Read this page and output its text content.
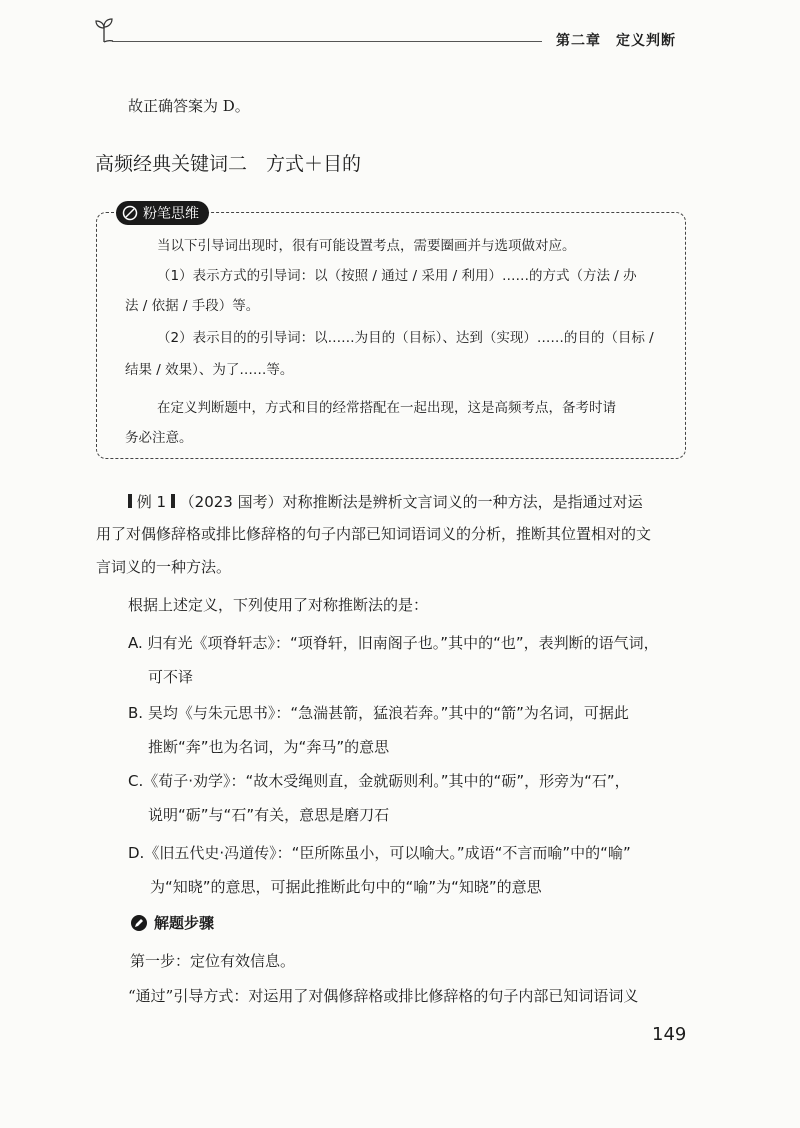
第二章　定义判断
故正确答案为 D。
高频经典关键词二　方式＋目的
粉笔思维
当以下引导词出现时，很有可能设置考点，需要圈画并与选项做对应。
（1）表示方式的引导词：以（按照 / 通过 / 采用 / 利用）……的方式（方法 / 办
法 / 依据 / 手段）等。
（2）表示目的的引导词：以……为目的（目标）、达到（实现）……的目的（目标 /
结果 / 效果）、为了……等。
在定义判断题中，方式和目的经常搭配在一起出现，这是高频考点，备考时请
务必注意。
例 1 （2023 国考）对称推断法是辨析文言词义的一种方法，是指通过对运
用了对偶修辞格或排比修辞格的句子内部已知词语词义的分析，推断其位置相对的文
言词义的一种方法。
根据上述定义，下列使用了对称推断法的是：
A. 归有光《项脊轩志》：“项脊轩，旧南阁子也。”其中的“也”，表判断的语气词，
可不译
B. 吴均《与朱元思书》：“急湍甚箭，猛浪若奔。”其中的“箭”为名词，可据此
推断“奔”也为名词，为“奔马”的意思
C.《荀子·劝学》：“故木受绳则直，金就砺则利。”其中的“砺”，形旁为“石”，
说明“砺”与“石”有关，意思是磨刀石
D.《旧五代史·冯道传》：“臣所陈虽小，可以喻大。”成语“不言而喻”中的“喻”
为“知晓”的意思，可据此推断此句中的“喻”为“知晓”的意思
解题步骤
第一步：定位有效信息。
“通过”引导方式：对运用了对偶修辞格或排比修辞格的句子内部已知词语词义
149
